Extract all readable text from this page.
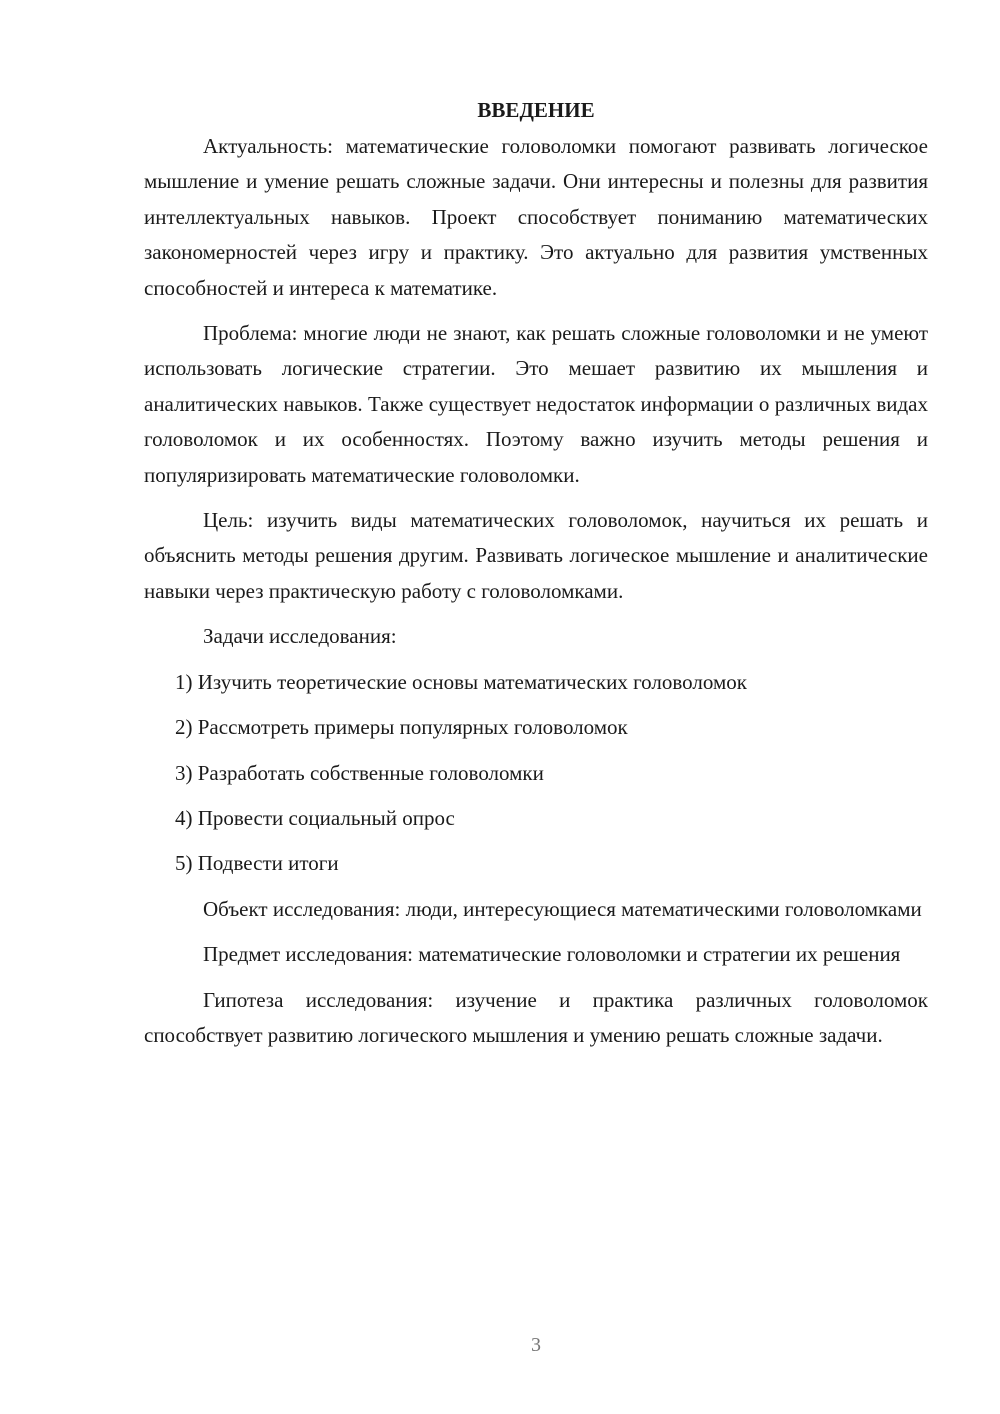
ВВЕДЕНИЕ

Актуальность: математические головоломки помогают развивать логическое мышление и умение решать сложные задачи. Они интересны и полезны для развития интеллектуальных навыков. Проект способствует пониманию математических закономерностей через игру и практику. Это актуально для развития умственных способностей и интереса к математике.

Проблема: многие люди не знают, как решать сложные головоломки и не умеют использовать логические стратегии. Это мешает развитию их мышления и аналитических навыков. Также существует недостаток информации о различных видах головоломок и их особенностях. Поэтому важно изучить методы решения и популяризировать математические головоломки.

Цель: изучить виды математических головоломок, научиться их решать и объяснить методы решения другим. Развивать логическое мышление и аналитические навыки через практическую работу с головоломками.

Задачи исследования:

1) Изучить теоретические основы математических головоломок
2) Рассмотреть примеры популярных головоломок
3) Разработать собственные головоломки
4) Провести социальный опрос
5) Подвести итоги

Объект исследования: люди, интересующиеся математическими головоломками

Предмет исследования: математические головоломки и стратегии их решения

Гипотеза исследования: изучение и практика различных головоломок способствует развитию логического мышления и умению решать сложные задачи.

3
